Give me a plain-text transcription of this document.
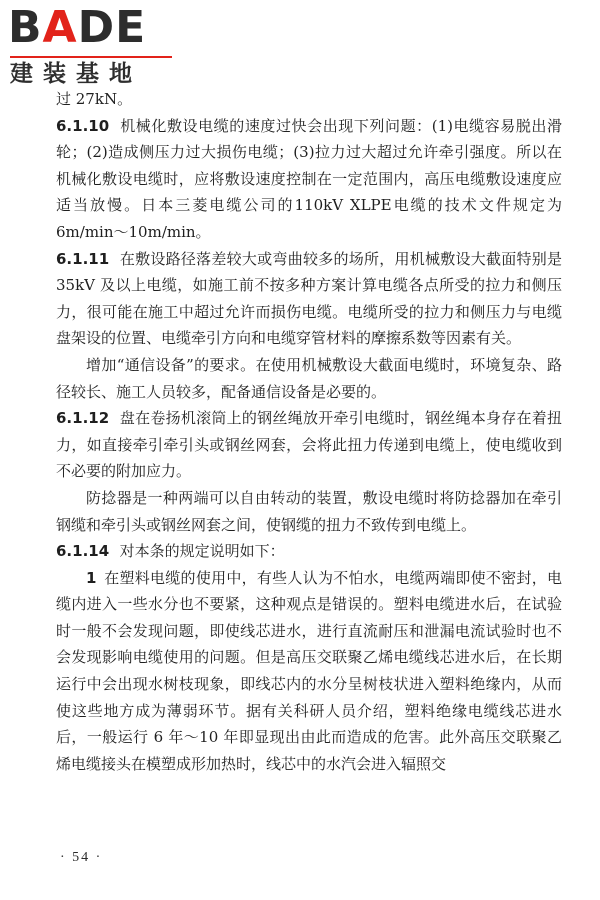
BADE
建装基地

过 27kN。

6.1.10 机械化敷设电缆的速度过快会出现下列问题：(1)电缆容易脱出滑轮；(2)造成侧压力过大损伤电缆；(3)拉力过大超过允许牵引强度。所以在机械化敷设电缆时，应将敷设速度控制在一定范围内，高压电缆敷设速度应适当放慢。日本三菱电缆公司的110kV XLPE电缆的技术文件规定为 6m/min～10m/min。

6.1.11 在敷设路径落差较大或弯曲较多的场所，用机械敷设大截面特别是 35kV 及以上电缆，如施工前不按多种方案计算电缆各点所受的拉力和侧压力，很可能在施工中超过允许而损伤电缆。电缆所受的拉力和侧压力与电缆盘架设的位置、电缆牵引方向和电缆穿管材料的摩擦系数等因素有关。

增加“通信设备”的要求。在使用机械敷设大截面电缆时，环境复杂、路径较长、施工人员较多，配备通信设备是必要的。

6.1.12 盘在卷扬机滚筒上的钢丝绳放开牵引电缆时，钢丝绳本身存在着扭力，如直接牵引牵引头或钢丝网套，会将此扭力传递到电缆上，使电缆收到不必要的附加应力。

防捻器是一种两端可以自由转动的装置，敷设电缆时将防捻器加在牵引钢缆和牵引头或钢丝网套之间，使钢缆的扭力不致传到电缆上。

6.1.14 对本条的规定说明如下：

1 在塑料电缆的使用中，有些人认为不怕水，电缆两端即使不密封，电缆内进入一些水分也不要紧，这种观点是错误的。塑料电缆进水后，在试验时一般不会发现问题，即使线芯进水，进行直流耐压和泄漏电流试验时也不会发现影响电缆使用的问题。但是高压交联聚乙烯电缆线芯进水后，在长期运行中会出现水树枝现象，即线芯内的水分呈树枝状进入塑料绝缘内，从而使这些地方成为薄弱环节。据有关科研人员介绍，塑料绝缘电缆线芯进水后，一般运行 6 年～10 年即显现出由此而造成的危害。此外高压交联聚乙烯电缆接头在模塑成形加热时，线芯中的水汽会进入辐照交

· 54 ·
